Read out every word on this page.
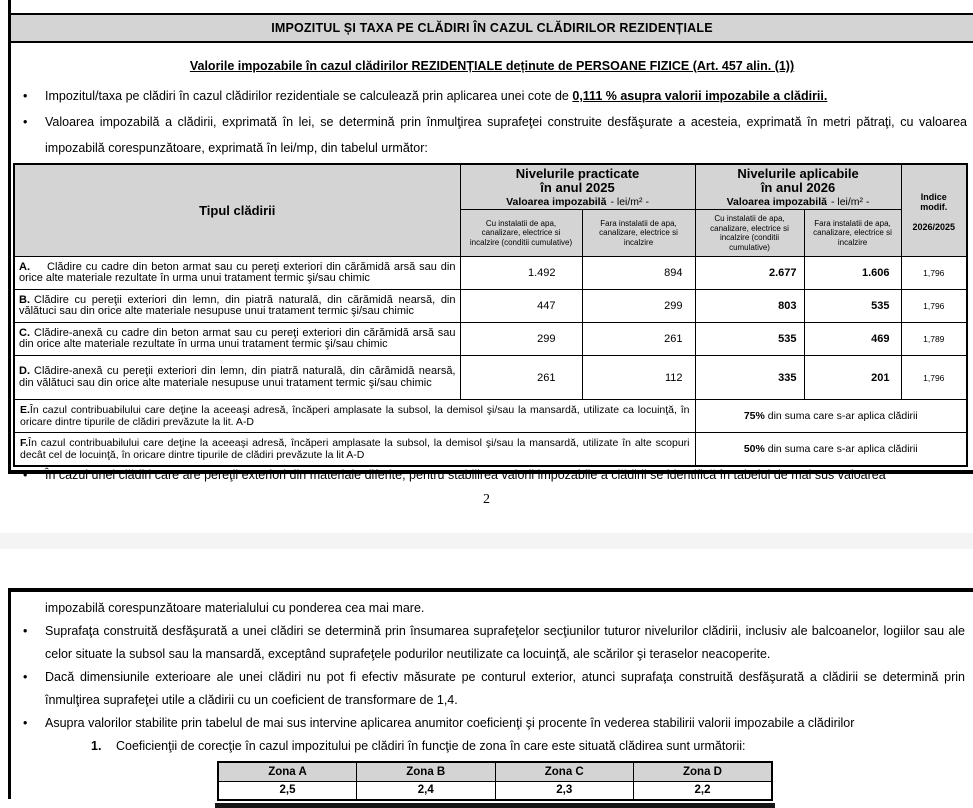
IMPOZITUL ȘI TAXA PE CLĂDIRI ÎN CAZUL CLĂDIRILOR REZIDENȚIALE
Valorile impozabile în cazul clădirilor REZIDENȚIALE deținute de PERSOANE FIZICE (Art. 457 alin. (1))
•
Impozitul/taxa pe clădiri în cazul clădirilor rezidentiale se calculează prin aplicarea unei cote de 0,111 % asupra valorii impozabile a clădirii.
•
Valoarea impozabilă a clădirii, exprimată în lei, se determină prin înmulţirea suprafeţei construite desfăşurate a acesteia, exprimată în metri pătraţi, cu valoarea impozabilă corespunzătoare, exprimată în lei/mp, din tabelul următor:
Tipul clădirii	Nivelurile practicate
în anul 2025
Valoarea impozabilă - lei/m² -		Nivelurile aplicabile
în anul 2026
Valoarea impozabilă - lei/m² -		Indice
modif.
2026/2025

	Cu instalatii de apa, canalizare, electrice si incalzire (conditii cumulative)	Fara instalatii de apa, canalizare, electrice si incalzire	Cu instalatii de apa, canalizare, electrice si incalzire (conditii cumulative)	Fara instalatii de apa, canalizare, electrice si incalzire	
A. Clădire cu cadre din beton armat sau cu pereţi exteriori din cărămidă arsă sau din orice alte materiale rezultate în urma unui tratament termic şi/sau chimic	1.492	894	2.677	1.606	1,796
B. Clădire cu pereţii exteriori din lemn, din piatră naturală, din cărămidă nearsă, din vălătuci sau din orice alte materiale nesupuse unui tratament termic şi/sau chimic	447	299	803	535	1,796
C. Clădire-anexă cu cadre din beton armat sau cu pereţi exteriori din cărămidă arsă sau din orice alte materiale rezultate în urma unui tratament termic şi/sau chimic	299	261	535	469	1,789
D. Clădire-anexă cu pereţii exteriori din lemn, din piatră naturală, din cărămidă nearsă, din vălătuci sau din orice alte materiale nesupuse unui tratament termic şi/sau chimic	261	112	335	201	1,796
E.În cazul contribuabilului care deţine la aceeaşi adresă, încăperi amplasate la subsol, la demisol şi/sau la mansardă, utilizate ca locuinţă, în oricare dintre tipurile de clădiri prevăzute la lit. A-D			75% din suma care s-ar aplica clădirii		
F.În cazul contribuabilului care deţine la aceeaşi adresă, încăperi amplasate la subsol, la demisol şi/sau la mansardă, utilizate în alte scopuri decât cel de locuinţă, în oricare dintre tipurile de clădiri prevăzute la lit A-D			50% din suma care s-ar aplica clădirii		
•
În cazul unei clădiri care are pereţii exteriori din materiale diferite, pentru stabilirea valorii impozabile a clădirii se identifică în tabelul de mai sus valoarea
2
impozabilă corespunzătoare materialului cu ponderea cea mai mare.
•
Suprafaţa construită desfăşurată a unei clădiri se determină prin însumarea suprafeţelor secţiunilor tuturor nivelurilor clădirii, inclusiv ale balcoanelor, logiilor sau ale celor situate la subsol sau la mansardă, exceptând suprafeţele podurilor neutilizate ca locuinţă, ale scărilor şi teraselor neacoperite.
•
Dacă dimensiunile exterioare ale unei clădiri nu pot fi efectiv măsurate pe conturul exterior, atunci suprafaţa construită desfăşurată a clădirii se determină prin înmulţirea suprafeţei utile a clădirii cu un coeficient de transformare de 1,4.
•
Asupra valorilor stabilite prin tabelul de mai sus intervine aplicarea anumitor coeficienţi şi procente în vederea stabilirii valorii impozabile a clădirilor
1.	Coeficienţii de corecţie în cazul impozitului pe clădiri în funcţie de zona în care este situată clădirea sunt următorii:
Zona A	Zona B	Zona C	Zona D
2,5	2,4	2,3	2,2
